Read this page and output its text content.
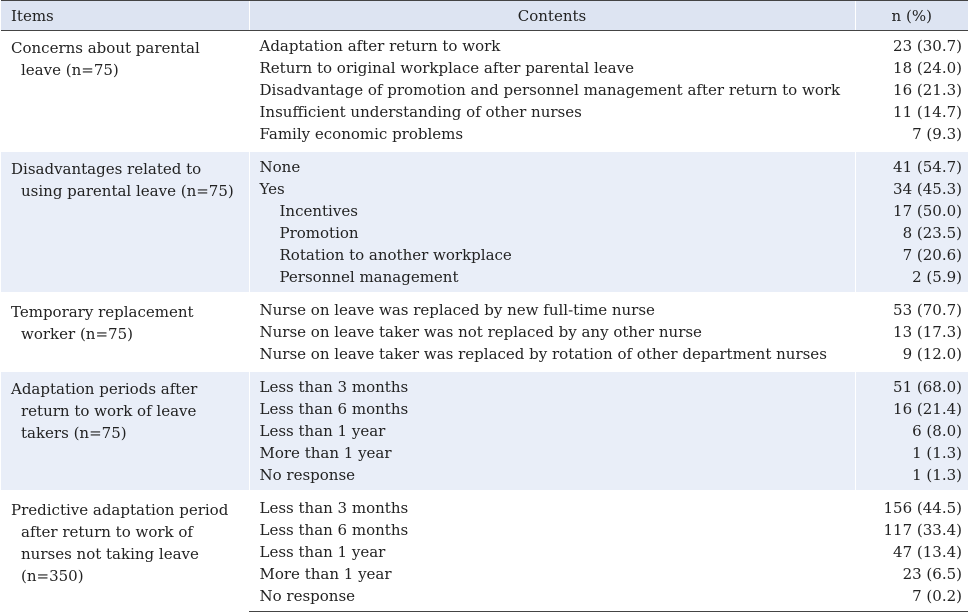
Items	Contents	n (%)

Concerns about parental leave (n=75)	Adaptation after return to work	23 (30.7)
	Return to original workplace after parental leave	18 (24.0)
	Disadvantage of promotion and personnel management after return to work	16 (21.3)
	Insufficient understanding of other nurses	11 (14.7)
	Family economic problems	7 (9.3)

Disadvantages related to using parental leave (n=75)	None	41 (54.7)
	Yes	34 (45.3)
	Incentives	17 (50.0)
	Promotion	8 (23.5)
	Rotation to another workplace	7 (20.6)
	Personnel management	2 (5.9)

Temporary replacement worker (n=75)	Nurse on leave was replaced by new full-time nurse	53 (70.7)
	Nurse on leave taker was not replaced by any other nurse	13 (17.3)
	Nurse on leave taker was replaced by rotation of other department nurses	9 (12.0)

Adaptation periods after return to work of leave takers (n=75)	Less than 3 months	51 (68.0)
	Less than 6 months	16 (21.4)
	Less than 1 year	6 (8.0)
	More than 1 year	1 (1.3)
	No response	1 (1.3)

Predictive adaptation period after return to work of nurses not taking leave (n=350)	Less than 3 months	156 (44.5)
	Less than 6 months	117 (33.4)
	Less than 1 year	47 (13.4)
	More than 1 year	23 (6.5)
	No response	7 (0.2)
